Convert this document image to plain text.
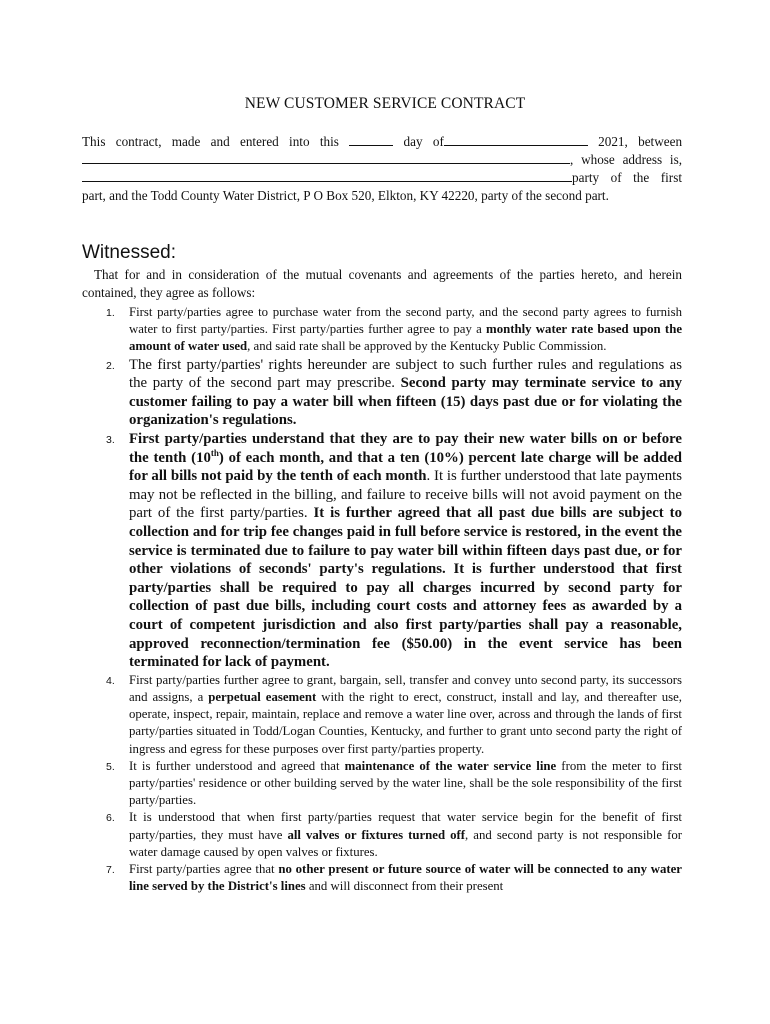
NEW CUSTOMER SERVICE CONTRACT
This contract, made and entered into this	day of	2021, between , whose address is, party of the first part, and the Todd County Water District, P O Box 520, Elkton, KY 42220, party of the second part.
Witnessed:
That for and in consideration of the mutual covenants and agreements of the parties hereto, and herein contained, they agree as follows:
1. First party/parties agree to purchase water from the second party, and the second party agrees to furnish water to first party/parties. First party/parties further agree to pay a monthly water rate based upon the amount of water used, and said rate shall be approved by the Kentucky Public Commission.
2. The first party/parties' rights hereunder are subject to such further rules and regulations as the party of the second part may prescribe. Second party may terminate service to any customer failing to pay a water bill when fifteen (15) days past due or for violating the organization's regulations.
3. First party/parties understand that they are to pay their new water bills on or before the tenth (10th) of each month, and that a ten (10%) percent late charge will be added for all bills not paid by the tenth of each month. It is further understood that late payments may not be reflected in the billing, and failure to receive bills will not avoid payment on the part of the first party/parties. It is further agreed that all past due bills are subject to collection and for trip fee changes paid in full before service is restored, in the event the service is terminated due to failure to pay water bill within fifteen days past due, or for other violations of seconds' party's regulations. It is further understood that first party/parties shall be required to pay all charges incurred by second party for collection of past due bills, including court costs and attorney fees as awarded by a court of competent jurisdiction and also first party/parties shall pay a reasonable, approved reconnection/termination fee ($50.00) in the event service has been terminated for lack of payment.
4. First party/parties further agree to grant, bargain, sell, transfer and convey unto second party, its successors and assigns, a perpetual easement with the right to erect, construct, install and lay, and thereafter use, operate, inspect, repair, maintain, replace and remove a water line over, across and through the lands of first party/parties situated in Todd/Logan Counties, Kentucky, and further to grant unto second party the right of ingress and egress for these purposes over first party/parties property.
5. It is further understood and agreed that maintenance of the water service line from the meter to first party/parties' residence or other building served by the water line, shall be the sole responsibility of the first party/parties.
6. It is understood that when first party/parties request that water service begin for the benefit of first party/parties, they must have all valves or fixtures turned off, and second party is not responsible for water damage caused by open valves or fixtures.
7. First party/parties agree that no other present or future source of water will be connected to any water line served by the District's lines and will disconnect from their present
